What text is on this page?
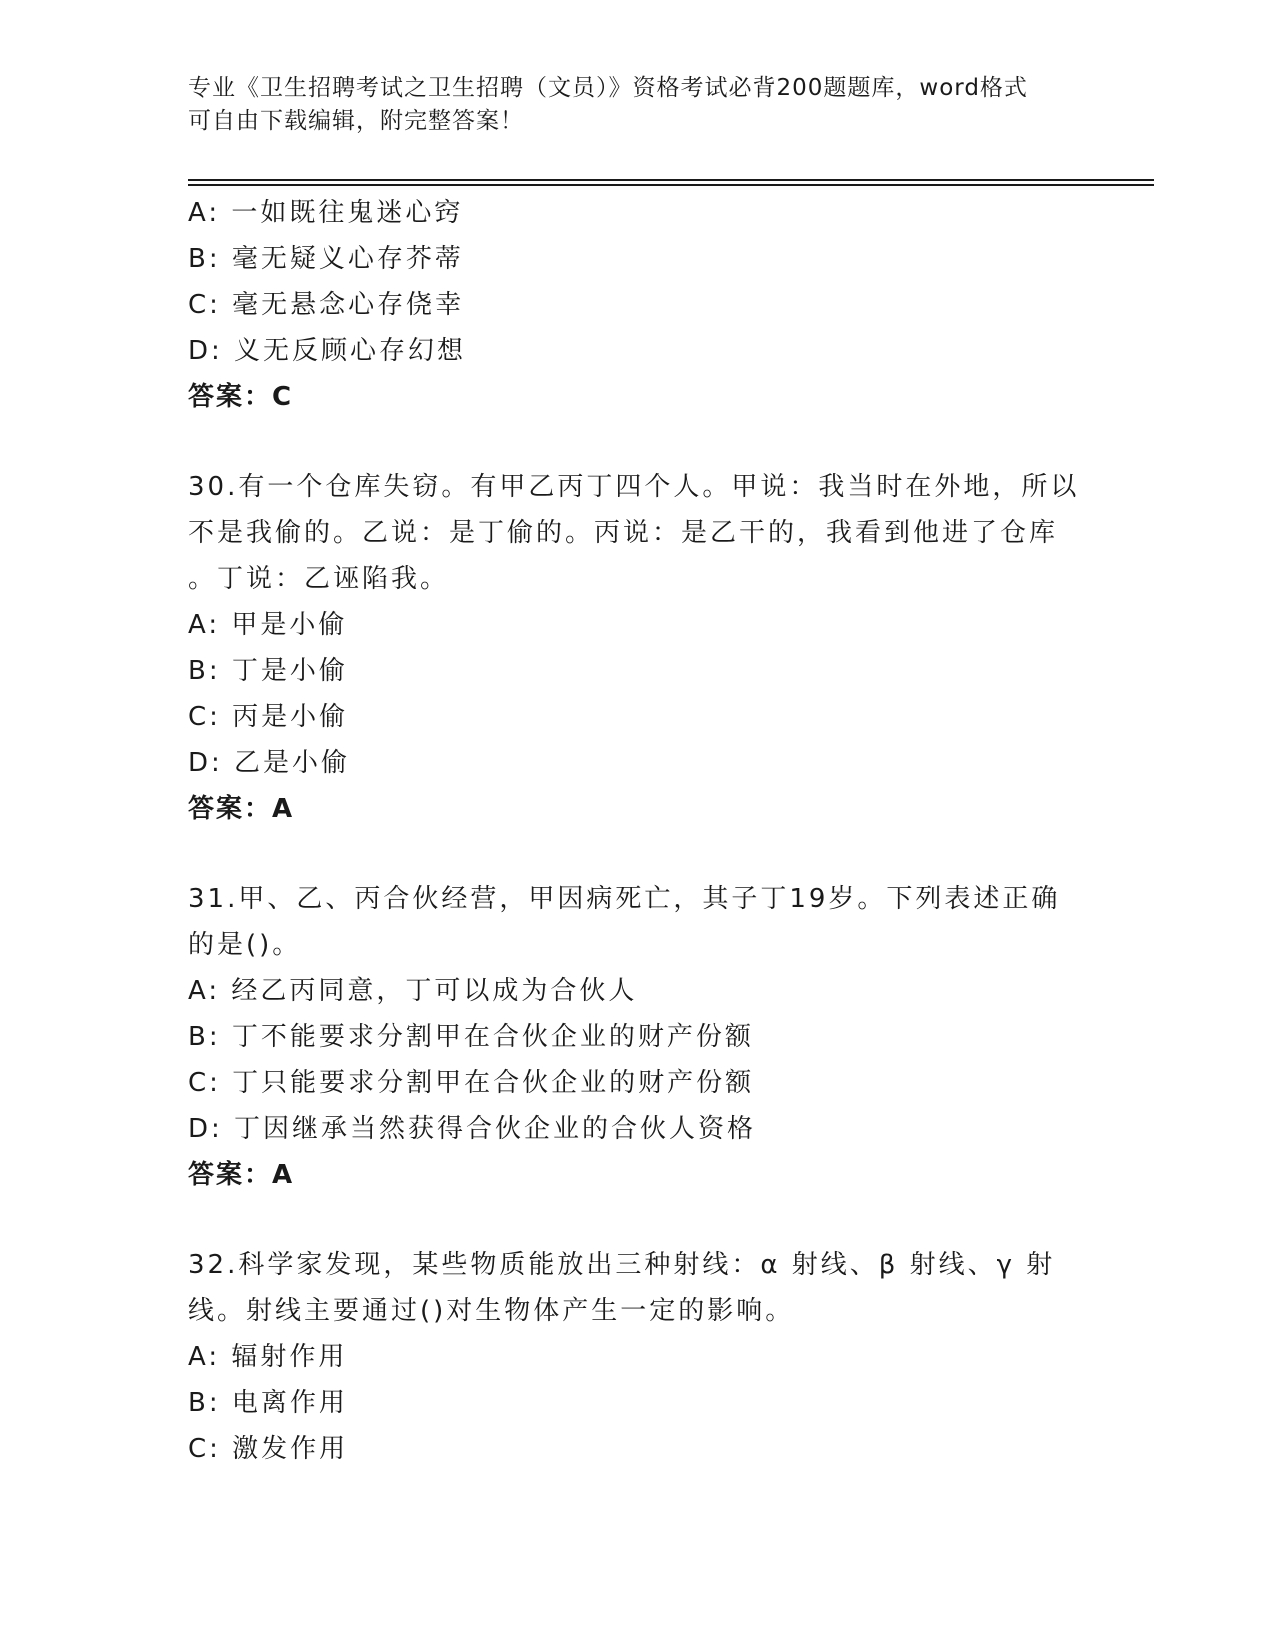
专业《卫生招聘考试之卫生招聘（文员）》资格考试必背200题题库，word格式
可自由下载编辑，附完整答案！
A: 一如既往鬼迷心窍
B: 毫无疑义心存芥蒂
C: 毫无悬念心存侥幸
D: 义无反顾心存幻想
答案：C
30.有一个仓库失窃。有甲乙丙丁四个人。甲说：我当时在外地，所以
不是我偷的。乙说：是丁偷的。丙说：是乙干的，我看到他进了仓库
。丁说：乙诬陷我。
A: 甲是小偷
B: 丁是小偷
C: 丙是小偷
D: 乙是小偷
答案：A
31.甲、乙、丙合伙经营，甲因病死亡，其子丁19岁。下列表述正确
的是()。
A: 经乙丙同意，丁可以成为合伙人
B: 丁不能要求分割甲在合伙企业的财产份额
C: 丁只能要求分割甲在合伙企业的财产份额
D: 丁因继承当然获得合伙企业的合伙人资格
答案：A
32.科学家发现，某些物质能放出三种射线：α 射线、β 射线、γ 射
线。射线主要通过()对生物体产生一定的影响。
A: 辐射作用
B: 电离作用
C: 激发作用
